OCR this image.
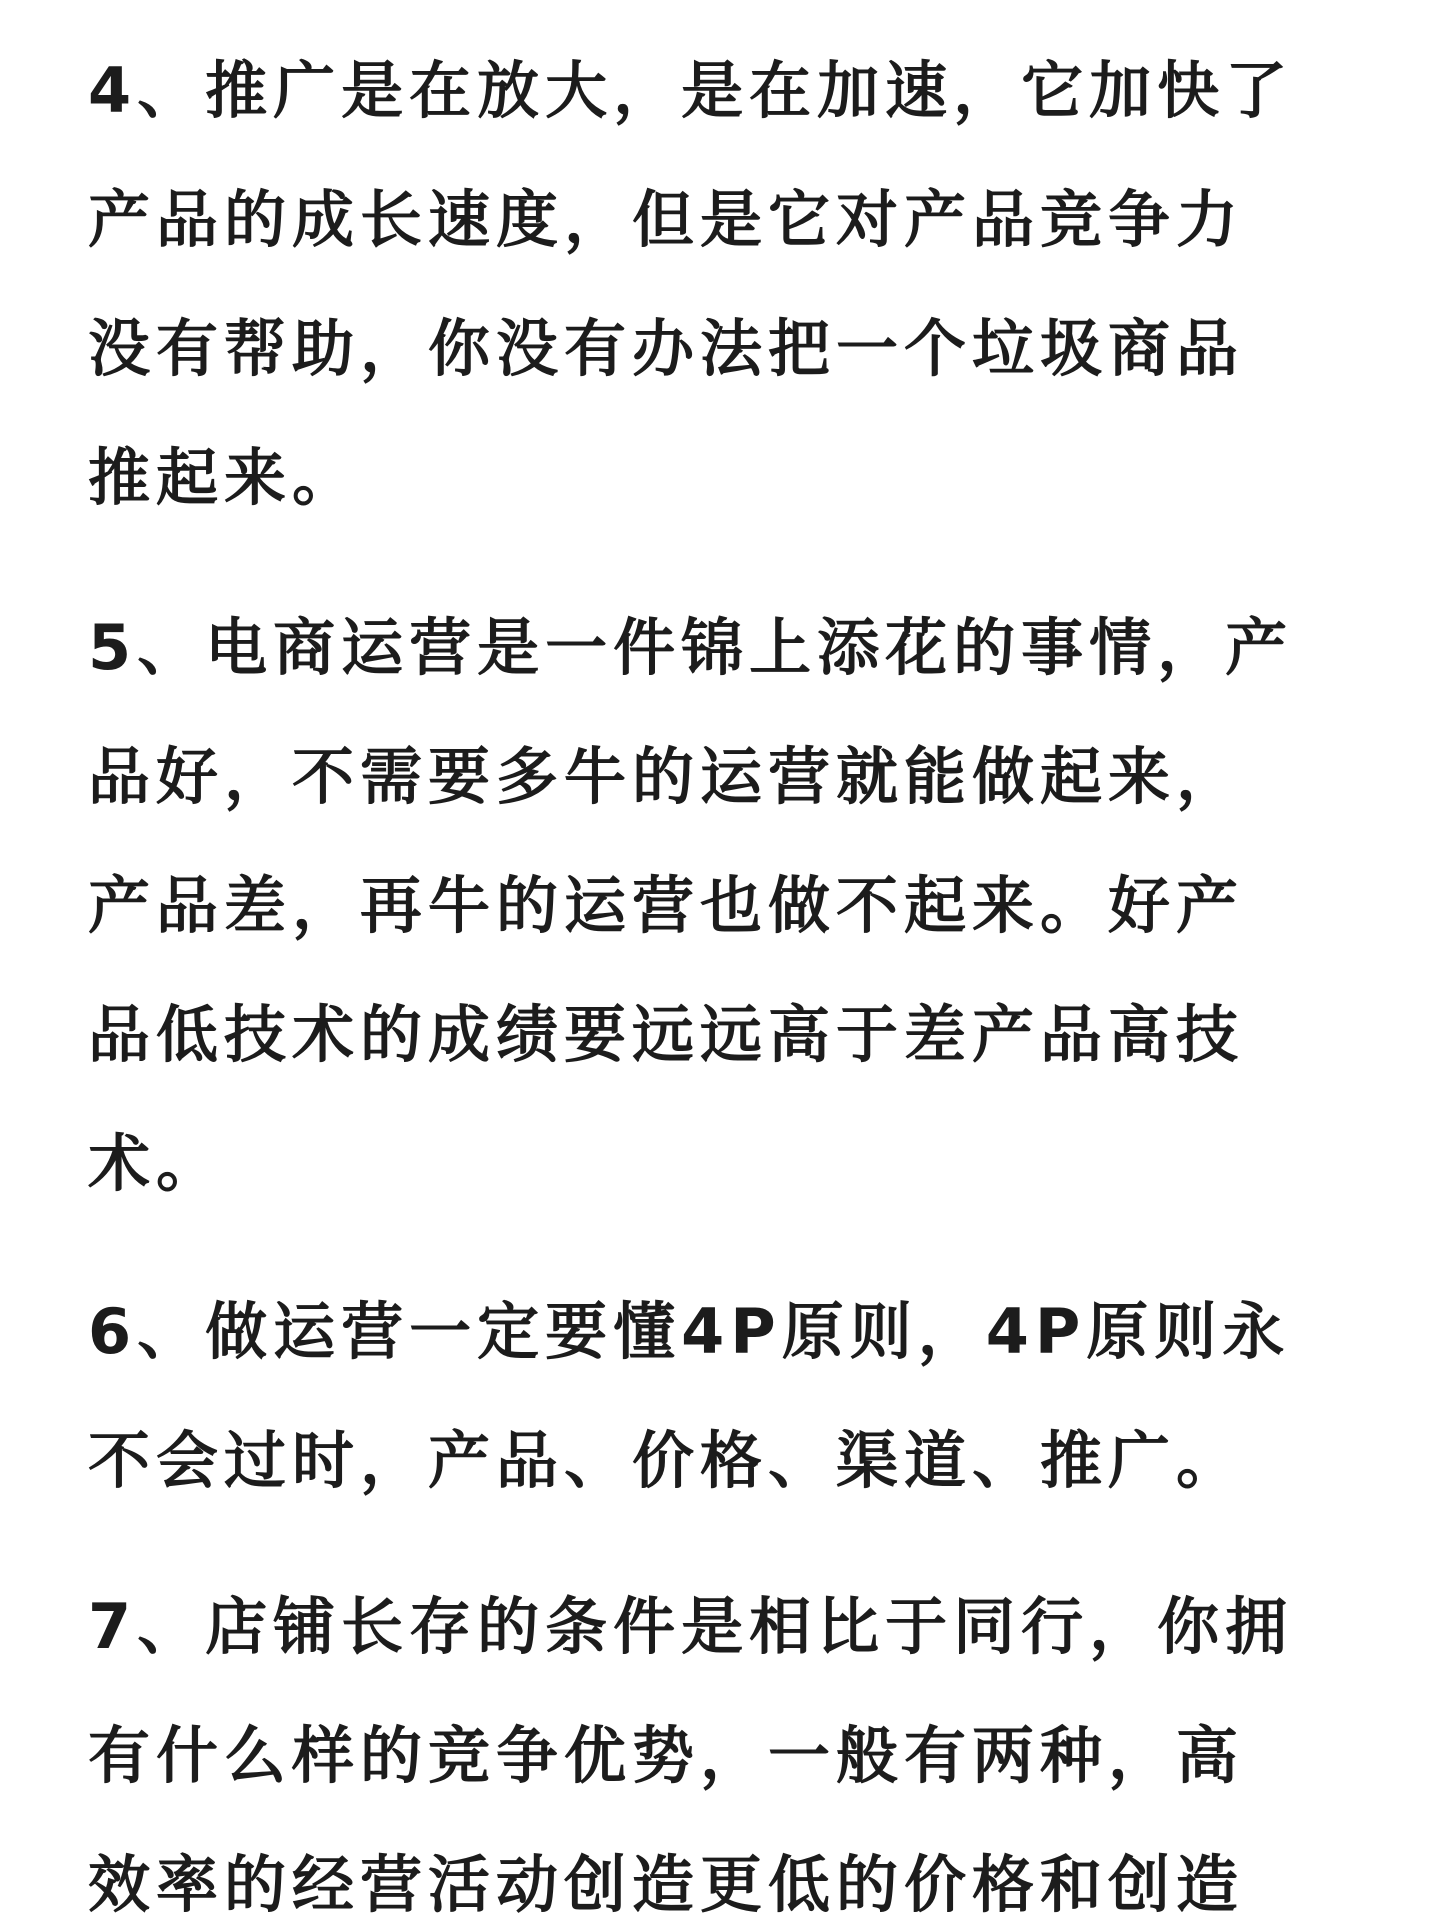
4、推广是在放大，是在加速，它加快了
产品的成长速度，但是它对产品竞争力
没有帮助，你没有办法把一个垃圾商品
推起来。
5、电商运营是一件锦上添花的事情，产
品好，不需要多牛的运营就能做起来，
产品差，再牛的运营也做不起来。好产
品低技术的成绩要远远高于差产品高技
术。
6、做运营一定要懂4P原则，4P原则永
不会过时，产品、价格、渠道、推广。
7、店铺长存的条件是相比于同行，你拥
有什么样的竞争优势，一般有两种，高
效率的经营活动创造更低的价格和创造
